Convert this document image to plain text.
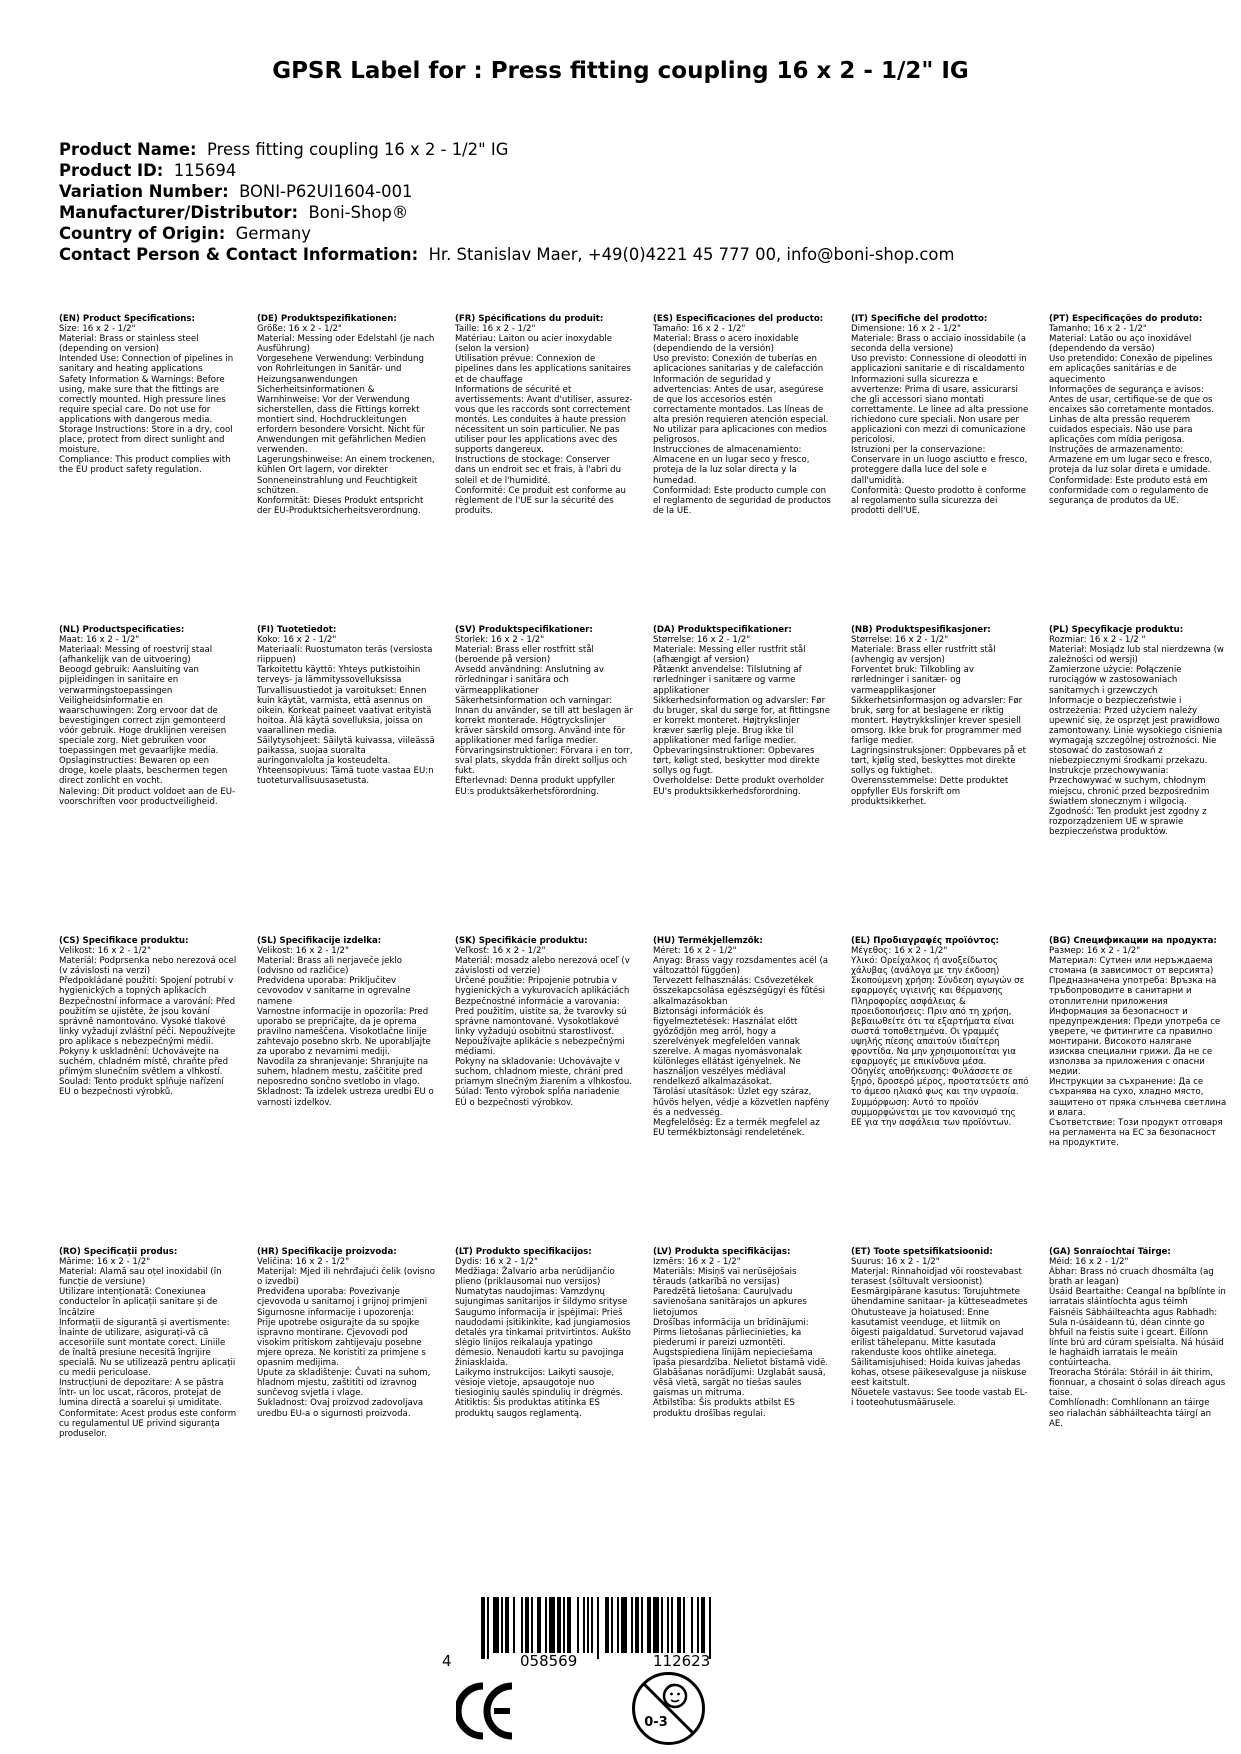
GPSR Label for : Press fitting coupling 16 x 2 - 1/2" IG
Product Name: Press fitting coupling 16 x 2 - 1/2" IG
Product ID: 115694
Variation Number: BONI-P62UI1604-001
Manufacturer/Distributor: Boni-Shop®
Country of Origin: Germany
Contact Person & Contact Information: Hr. Stanislav Maer, +49(0)4221 45 777 00, info@boni-shop.com
(EN) Product Specifications:
Size: 16 x 2 - 1/2"
Material: Brass or stainless steel (depending on version)
Intended Use: Connection of pipelines in sanitary and heating applications
Safety Information & Warnings: Before using, make sure that the fittings are correctly mounted. High pressure lines require special care. Do not use for applications with dangerous media.
Storage Instructions: Store in a dry, cool place, protect from direct sunlight and moisture.
Compliance: This product complies with the EU product safety regulation.
(DE) Produktspezifikationen:
Größe: 16 x 2 - 1/2"
Material: Messing oder Edelstahl (je nach Ausführung)
Vorgesehene Verwendung: Verbindung von Rohrleitungen in Sanitär- und Heizungsanwendungen
Sicherheitsinformationen & Warnhinweise: Vor der Verwendung sicherstellen, dass die Fittings korrekt montiert sind. Hochdruckleitungen erfordern besondere Vorsicht. Nicht für Anwendungen mit gefährlichen Medien verwenden.
Lagerungshinweise: An einem trockenen, kühlen Ort lagern, vor direkter Sonneneinstrahlung und Feuchtigkeit schützen.
Konformität: Dieses Produkt entspricht der EU-Produktsicherheitsverordnung.
(FR) Spécifications du produit:
Taille: 16 x 2 - 1/2"
Matériau: Laiton ou acier inoxydable (selon la version)
Utilisation prévue: Connexion de pipelines dans les applications sanitaires et de chauffage
Informations de sécurité et avertissements: Avant d'utiliser, assurez-vous que les raccords sont correctement montés. Les conduites à haute pression nécessitent un soin particulier. Ne pas utiliser pour les applications avec des supports dangereux.
Instructions de stockage: Conserver dans un endroit sec et frais, à l'abri du soleil et de l'humidité.
Conformité: Ce produit est conforme au règlement de l'UE sur la sécurité des produits.
(ES) Especificaciones del producto:
Tamaño: 16 x 2 - 1/2"
Material: Brass o acero inoxidable (dependiendo de la versión)
Uso previsto: Conexión de tuberías en aplicaciones sanitarias y de calefacción
Información de seguridad y advertencias: Antes de usar, asegúrese de que los accesorios estén correctamente montados. Las líneas de alta presión requieren atención especial. No utilizar para aplicaciones con medios peligrosos.
Instrucciones de almacenamiento: Almacene en un lugar seco y fresco, proteja de la luz solar directa y la humedad.
Conformidad: Este producto cumple con el reglamento de seguridad de productos de la UE.
(IT) Specifiche del prodotto:
Dimensione: 16 x 2 - 1/2"
Materiale: Brass o acciaio inossidabile (a seconda della versione)
Uso previsto: Connessione di oleodotti in applicazioni sanitarie e di riscaldamento
Informazioni sulla sicurezza e avvertenze: Prima di usare, assicurarsi che gli accessori siano montati correttamente. Le linee ad alta pressione richiedono cure speciali. Non usare per applicazioni con mezzi di comunicazione pericolosi.
Istruzioni per la conservazione: Conservare in un luogo asciutto e fresco, proteggere dalla luce del sole e dall'umidità.
Conformità: Questo prodotto è conforme al regolamento sulla sicurezza dei prodotti dell'UE.
(PT) Especificações do produto:
Tamanho: 16 x 2 - 1/2"
Material: Latão ou aço inoxidável (dependendo da versão)
Uso pretendido: Conexão de pipelines em aplicações sanitárias e de aquecimento
Informações de segurança e avisos: Antes de usar, certifique-se de que os encaixes são corretamente montados. Linhas de alta pressão requerem cuidados especiais. Não use para aplicações com mídia perigosa.
Instruções de armazenamento: Armazene em um lugar seco e fresco, proteja da luz solar direta e umidade.
Conformidade: Este produto está em conformidade com o regulamento de segurança de produtos da UE.
(NL) Productspecificaties:
Maat: 16 x 2 - 1/2"
Materiaal: Messing of roestvrij staal (afhankelijk van de uitvoering)
Beoogd gebruik: Aansluiting van pijpleidingen in sanitaire en verwarmingstoepassingen
Veiligheidsinformatie en waarschuwingen: Zorg ervoor dat de bevestigingen correct zijn gemonteerd vóór gebruik. Hoge druklijnen vereisen speciale zorg. Niet gebruiken voor toepassingen met gevaarlijke media.
Opslaginstructies: Bewaren op een droge, koele plaats, beschermen tegen direct zonlicht en vocht.
Naleving: Dit product voldoet aan de EU-voorschriften voor productveiligheid.
(FI) Tuotetiedot:
Koko: 16 x 2 - 1/2"
Materiaali: Ruostumaton teräs (versiosta riippuen)
Tarkoitettu käyttö: Yhteys putkistoihin terveys- ja lämmityssovelluksissa
Turvallisuustiedot ja varoitukset: Ennen kuin käytät, varmista, että asennus on oikein. Korkeat paineet vaativat erityistä hoitoa. Älä käytä sovelluksia, joissa on vaarallinen media.
Säilytysohjeet: Säilytä kuivassa, viileässä paikassa, suojaa suoralta auringonvalolta ja kosteudelta.
Yhteensopivuus: Tämä tuote vastaa EU:n tuoteturvallisuusasetusta.
(SV) Produktspecifikationer:
Storlek: 16 x 2 - 1/2"
Material: Brass eller rostfritt stål (beroende på version)
Avsedd användning: Anslutning av rörledningar i sanitära och värmeapplikationer
Säkerhetsinformation och varningar: Innan du använder, se till att beslagen är korrekt monterade. Högtryckslinjer kräver särskild omsorg. Använd inte för applikationer med farliga medier.
Förvaringsinstruktioner: Förvara i en torr, sval plats, skydda från direkt solljus och fukt.
Efterlevnad: Denna produkt uppfyller EU:s produktsäkerhetsförordning.
(DA) Produktspecifikationer:
Størrelse: 16 x 2 - 1/2"
Materiale: Messing eller rustfrit stål (afhængigt af version)
Påtænkt anvendelse: Tilslutning af rørledninger i sanitære og varme applikationer
Sikkerhedsinformation og advarsler: Før du bruger, skal du sørge for, at fittingsne er korrekt monteret. Højtrykslinjer kræver særlig pleje. Brug ikke til applikationer med farlige medier.
Opbevaringsinstruktioner: Opbevares tørt, køligt sted, beskytter mod direkte sollys og fugt.
Overholdelse: Dette produkt overholder EU's produktsikkerhedsforordning.
(NB) Produktspesifikasjoner:
Størrelse: 16 x 2 - 1/2"
Materiale: Brass eller rustfritt stål (avhengig av versjon)
Forventet bruk: Tilkobling av rørledninger i sanitær- og varmeapplikasjoner
Sikkerhetsinformasjon og advarsler: Før bruk, sørg for at beslagene er riktig montert. Høytrykkslinjer krever spesiell omsorg. Ikke bruk for programmer med farlige medier.
Lagringsinstruksjoner: Oppbevares på et tørt, kjølig sted, beskyttes mot direkte sollys og fuktighet.
Overensstemmelse: Dette produktet oppfyller EUs forskrift om produktsikkerhet.
(PL) Specyfikacje produktu:
Rozmiar: 16 x 2 - 1/2 "
Materiał: Mosiądz lub stal nierdzewna (w zależności od wersji)
Zamierzone użycie: Połączenie rurociągów w zastosowaniach sanitarnych i grzewczych
Informacje o bezpieczeństwie i ostrzeżenia: Przed użyciem należy upewnić się, że osprzęt jest prawidłowo zamontowany. Linie wysokiego ciśnienia wymagają szczególnej ostrożności. Nie stosować do zastosowań z niebezpiecznymi środkami przekazu.
Instrukcje przechowywania: Przechowywać w suchym, chłodnym miejscu, chronić przed bezpośrednim światłem słonecznym i wilgocią.
Zgodność: Ten produkt jest zgodny z rozporządzeniem UE w sprawie bezpieczeństwa produktów.
(CS) Specifikace produktu:
Velikost: 16 x 2 - 1/2"
Materiál: Podprsenka nebo nerezová ocel (v závislosti na verzi)
Předpokládané použití: Spojení potrubí v hygienických a topných aplikacích
Bezpečnostní informace a varování: Před použitím se ujistěte, že jsou kování správně namontováno. Vysoké tlakové linky vyžadují zvláštní péči. Nepoužívejte pro aplikace s nebezpečnými médii.
Pokyny k uskladnění: Uchovávejte na suchém, chladném místě, chraňte před přímým slunečním světlem a vlhkostí.
Soulad: Tento produkt splňuje nařízení EU o bezpečnosti výrobků.
(SL) Specifikacije izdelka:
Velikost: 16 x 2 - 1/2"
Material: Brass ali nerjaveče jeklo (odvisno od različice)
Predvidena uporaba: Priključitev cevovodov v sanitarne in ogrevalne namene
Varnostne informacije in opozorila: Pred uporabo se prepričajte, da je oprema pravilno nameščena. Visokotlačne linije zahtevajo posebno skrb. Ne uporabljajte za uporabo z nevarnimi mediji.
Navodila za shranjevanje: Shranjujte na suhem, hladnem mestu, zaščitite pred neposredno sončno svetlobo in vlago.
Skladnost: Ta izdelek ustreza uredbi EU o varnosti izdelkov.
(SK) Špecifikácie produktu:
Veľkosť: 16 x 2 - 1/2"
Materiál: mosadz alebo nerezová oceľ (v závislosti od verzie)
Určené použitie: Pripojenie potrubia v hygienických a vykurovacích aplikáciách
Bezpečnostné informácie a varovania: Pred použitím, uistite sa, že tvarovky sú správne namontované. Vysokotlakové linky vyžadujú osobitnú starostlivosť. Nepoužívajte aplikácie s nebezpečnými médiami.
Pokyny na skladovanie: Uchovávajte v suchom, chladnom mieste, chráni pred priamym slnečným žiarením a vlhkosťou.
Súlad: Tento výrobok spĺňa nariadenie EÚ o bezpečnosti výrobkov.
(HU) Termékjellemzők:
Méret: 16 x 2 - 1/2"
Anyag: Brass vagy rozsdamentes acél (a változattól függően)
Tervezett felhasználás: Csővezetékek összekapcsolása egészségügyi és fűtési alkalmazásokban
Biztonsági információk és figyelmeztetések: Használat előtt győződjön meg arról, hogy a szerelvények megfelelően vannak szerelve. A magas nyomásvonalak különleges ellátást igényelnek. Ne használjon veszélyes médiával rendelkező alkalmazásokat.
Tárolási utasítások: Üzlet egy száraz, hűvös helyen, védje a közvetlen napfény és a nedvesség.
Megfelelőség: Ez a termék megfelel az EU termékbiztonsági rendeletének.
(EL) Προδιαγραφές προϊόντος:
Μέγεθος: 16 x 2 - 1/2"
Υλικό: Ορείχαλκος ή ανοξείδωτος χάλυβας (ανάλογα με την έκδοση)
Σκοπούμενη χρήση: Σύνδεση αγωγών σε εφαρμογές υγιεινής και θέρμανσης
Πληροφορίες ασφάλειας & προειδοποιήσεις: Πριν από τη χρήση, βεβαιωθείτε ότι τα εξαρτήματα είναι σωστά τοποθετημένα. Οι γραμμές υψηλής πίεσης απαιτούν ιδιαίτερη φροντίδα. Να μην χρησιμοποιείται για εφαρμογές με επικίνδυνα μέσα.
Οδηγίες αποθήκευσης: Φυλάσσετε σε ξηρό, δροσερό μέρος, προστατεύετε από το άμεσο ηλιακό φως και την υγρασία.
Συμμόρφωση: Αυτό το προϊόν συμμορφώνεται με τον κανονισμό της ΕΕ για την ασφάλεια των προϊόντων.
(BG) Спецификации на продукта:
Размер: 16 x 2 - 1/2"
Материал: Сутиен или неръждаема стомана (в зависимост от версията)
Предназначена употреба: Връзка на тръбопроводите в санитарни и отоплителни приложения
Информация за безопасност и предупреждения: Преди употреба се уверете, че фитингите са правилно монтирани. Високото налягане изисква специални грижи. Да не се използва за приложения с опасни медии.
Инструкции за съхранение: Да се съхранява на сухо, хладно място, защитено от пряка слънчева светлина и влага.
Съответствие: Този продукт отговаря на регламента на ЕС за безопасност на продуктите.
(RO) Specificații produs:
Mărime: 16 x 2 - 1/2"
Material: Alamă sau oțel inoxidabil (în funcție de versiune)
Utilizare intenționată: Conexiunea conductelor în aplicații sanitare și de încălzire
Informații de siguranță și avertismente: Înainte de utilizare, asigurați-vă că accesoriile sunt montate corect. Liniile de înaltă presiune necesită îngrijire specială. Nu se utilizează pentru aplicații cu medii periculoase.
Instrucțiuni de depozitare: A se păstra într- un loc uscat, răcoros, protejat de lumina directă a soarelui și umiditate.
Conformitate: Acest produs este conform cu regulamentul UE privind siguranța produselor.
(HR) Specifikacije proizvoda:
Veličina: 16 x 2 - 1/2"
Materijal: Mjed ili nehrđajući čelik (ovisno o izvedbi)
Predviđena uporaba: Povezivanje cjevovoda u sanitarnoj i grijnoj primjeni
Sigurnosne informacije i upozorenja: Prije upotrebe osigurajte da su spojke ispravno montirane. Cjevovodi pod visokim pritiskom zahtijevaju posebne mjere opreza. Ne koristiti za primjene s opasnim medijima.
Upute za skladištenje: Čuvati na suhom, hladnom mjestu, zaštititi od izravnog sunčevog svjetla i vlage.
Sukladnost: Ovaj proizvod zadovoljava uredbu EU-a o sigurnosti proizvoda.
(LT) Produkto specifikacijos:
Dydis: 16 x 2 - 1/2"
Medžiaga: Žalvario arba nerūdijančio plieno (priklausomai nuo versijos)
Numatytas naudojimas: Vamzdynų sujungimas sanitarijos ir šildymo srityse
Saugumo informacija ir įspėjimai: Prieš naudodami įsitikinkite, kad jungiamosios detalės yra tinkamai pritvirtintos. Aukšto slėgio linijos reikalauja ypatingo dėmesio. Nenaudoti kartu su pavojinga žiniasklaida.
Laikymo instrukcijos: Laikyti sausoje, vėsioje vietoje, apsaugotoje nuo tiesioginių saulės spindulių ir drėgmės.
Atitiktis: Šis produktas atitinka ES produktų saugos reglamentą.
(LV) Produkta specifikācijas:
Izmērs: 16 x 2 - 1/2"
Materiāls: Misiņš vai nerūsējošais tērauds (atkarībā no versijas)
Paredzētā lietošana: Cauruļvadu savienošana sanitārajos un apkures lietojumos
Drošības informācija un brīdinājumi: Pirms lietošanas pārliecinieties, ka piederumi ir pareizi uzmontēti. Augstspiediena līnijām nepieciešama īpaša piesardzība. Nelietot bīstamā vidē.
Glabāšanas norādījumi: Uzglabāt sausā, vēsā vietā, sargāt no tiešas saules gaismas un mitruma.
Atbilstība: Šis produkts atbilst ES produktu drošības regulai.
(ET) Toote spetsifikatsioonid:
Suurus: 16 x 2 - 1/2"
Materjal: Rinnahoidjad või roostevabast terasest (sõltuvalt versioonist)
Eesmärgipärane kasutus: Torujuhtmete ühendamine sanitaar- ja kütteseadmetes
Ohutusteave ja hoiatused: Enne kasutamist veenduge, et liitmik on õigesti paigaldatud. Survetorud vajavad erilist tähelepanu. Mitte kasutada rakenduste koos ohtlike ainetega.
Säilitamisjuhised: Hoida kuivas jahedas kohas, otsese päikesevalguse ja niiskuse eest kaitstult.
Nõuetele vastavus: See toode vastab EL-i tooteohutusmäärusele.
(GA) Sonraíochtaí Táirge:
Méid: 16 x 2 - 1/2"
Ábhar: Brass nó cruach dhosmálta (ag brath ar leagan)
Úsáid Beartaithe: Ceangal na bpíblínte in iarratais sláintíochta agus téimh
Faisnéis Sábháilteachta agus Rabhadh: Sula n-úsáideann tú, déan cinnte go bhfuil na feistis suite i gceart. Éilíonn línte brú ard cúram speisialta. Ná húsáid le haghaidh iarratais le meáin contúirteacha.
Treoracha Stórála: Stóráil in áit thirim, fionnuar, a chosaint ó solas díreach agus taise.
Comhlíonadh: Comhlíonann an táirge seo rialachán sábháilteachta táirgí an AE.
4	058569	112623
0-3
